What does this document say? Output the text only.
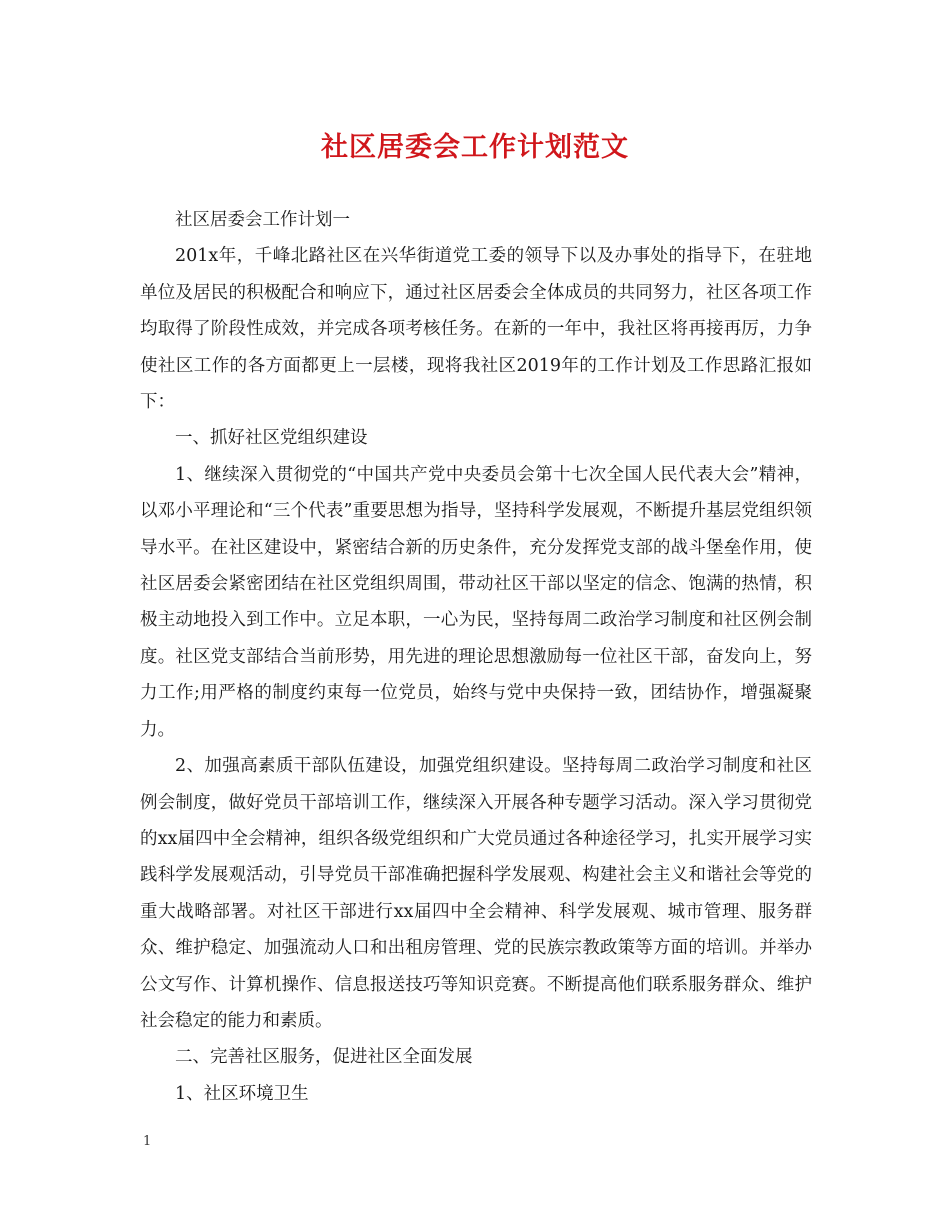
社区居委会工作计划范文

社区居委会工作计划一

201x年，千峰北路社区在兴华街道党工委的领导下以及办事处的指导下，在驻地单位及居民的积极配合和响应下，通过社区居委会全体成员的共同努力，社区各项工作均取得了阶段性成效，并完成各项考核任务。在新的一年中，我社区将再接再厉，力争使社区工作的各方面都更上一层楼，现将我社区2019年的工作计划及工作思路汇报如下：

一、抓好社区党组织建设

1、继续深入贯彻党的“中国共产党中央委员会第十七次全国人民代表大会”精神，以邓小平理论和“三个代表”重要思想为指导，坚持科学发展观，不断提升基层党组织领导水平。在社区建设中，紧密结合新的历史条件，充分发挥党支部的战斗堡垒作用，使社区居委会紧密团结在社区党组织周围，带动社区干部以坚定的信念、饱满的热情，积极主动地投入到工作中。立足本职，一心为民，坚持每周二政治学习制度和社区例会制度。社区党支部结合当前形势，用先进的理论思想激励每一位社区干部，奋发向上，努力工作;用严格的制度约束每一位党员，始终与党中央保持一致，团结协作，增强凝聚力。

2、加强高素质干部队伍建设，加强党组织建设。坚持每周二政治学习制度和社区例会制度，做好党员干部培训工作，继续深入开展各种专题学习活动。深入学习贯彻党的xx届四中全会精神，组织各级党组织和广大党员通过各种途径学习，扎实开展学习实践科学发展观活动，引导党员干部准确把握科学发展观、构建社会主义和谐社会等党的重大战略部署。对社区干部进行xx届四中全会精神、科学发展观、城市管理、服务群众、维护稳定、加强流动人口和出租房管理、党的民族宗教政策等方面的培训。并举办公文写作、计算机操作、信息报送技巧等知识竞赛。不断提高他们联系服务群众、维护社会稳定的能力和素质。

二、完善社区服务，促进社区全面发展

1、社区环境卫生

1
